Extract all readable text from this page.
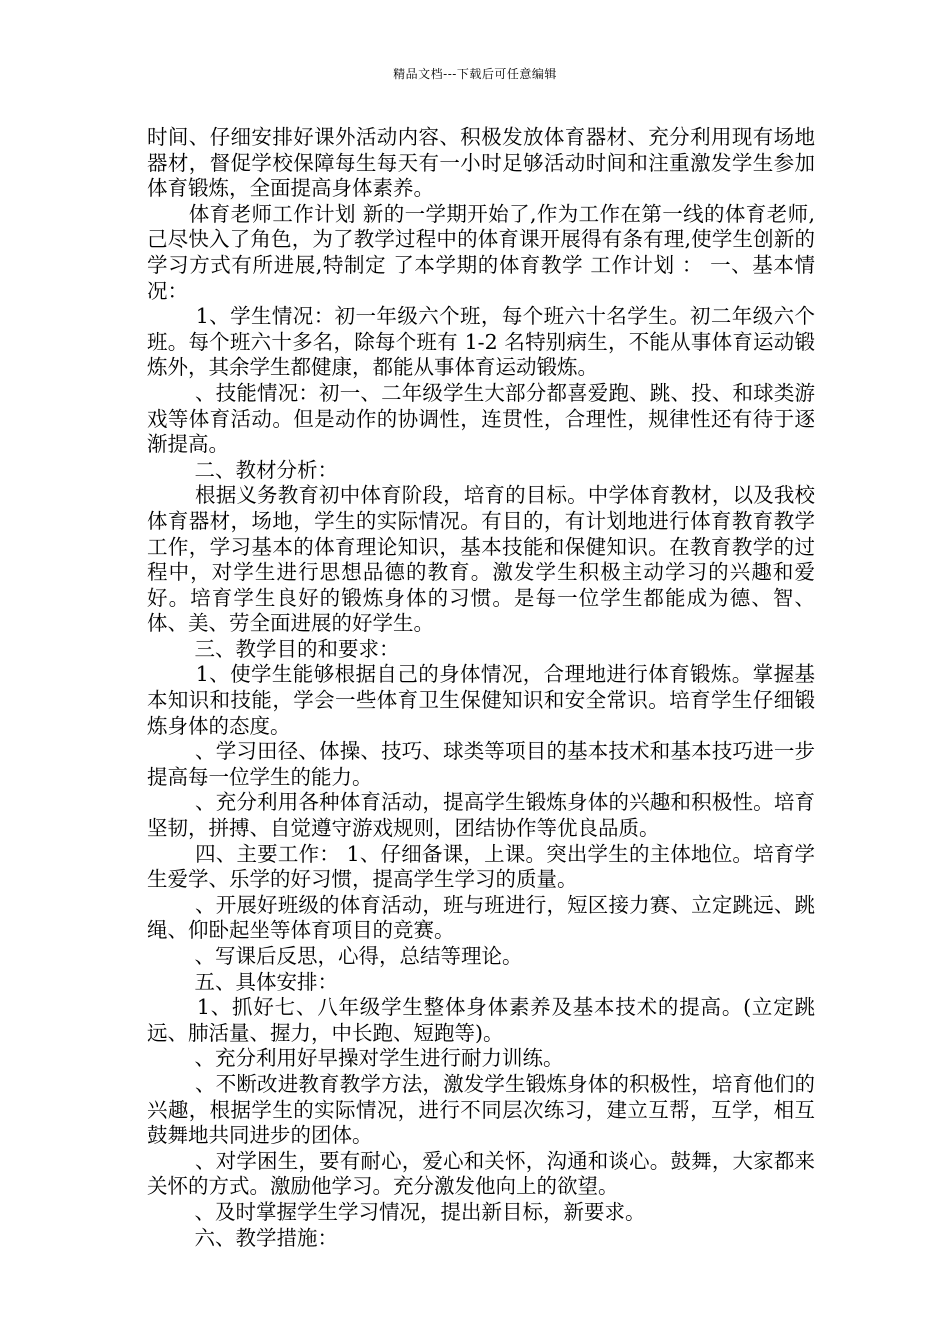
精品文档---下载后可任意编辑

时间、仔细安排好课外活动内容、积极发放体育器材、充分利用现有场地器材，督促学校保障每生每天有一小时足够活动时间和注重激发学生参加体育锻炼，全面提高身体素养。

　　体育老师工作计划 新的一学期开始了,作为工作在第一线的体育老师,己尽快入了角色，为了教学过程中的体育课开展得有条有理,使学生创新的学习方式有所进展,特制定 了本学期的体育教学 工作计划 ： 一、基本情况：

　　 1、学生情况：初一年级六个班，每个班六十名学生。初二年级六个班。每个班六十多名，除每个班有 1-2 名特别病生，不能从事体育运动锻炼外，其余学生都健康，都能从事体育运动锻炼。

　　 、技能情况：初一、二年级学生大部分都喜爱跑、跳、投、和球类游戏等体育活动。但是动作的协调性，连贯性，合理性，规律性还有待于逐渐提高。

　　 二、教材分析：

　　 根据义务教育初中体育阶段，培育的目标。中学体育教材，以及我校体育器材，场地，学生的实际情况。有目的，有计划地进行体育教育教学工作，学习基本的体育理论知识，基本技能和保健知识。在教育教学的过程中，对学生进行思想品德的教育。激发学生积极主动学习的兴趣和爱好。培育学生良好的锻炼身体的习惯。是每一位学生都能成为德、智、体、美、劳全面进展的好学生。

　　 三、教学目的和要求：

　　 1、使学生能够根据自己的身体情况，合理地进行体育锻炼。掌握基本知识和技能，学会一些体育卫生保健知识和安全常识。培育学生仔细锻炼身体的态度。

　　 、学习田径、体操、技巧、球类等项目的基本技术和基本技巧进一步提高每一位学生的能力。

　　 、充分利用各种体育活动，提高学生锻炼身体的兴趣和积极性。培育坚韧，拼搏、自觉遵守游戏规则，团结协作等优良品质。

　　 四、主要工作： 1、仔细备课，上课。突出学生的主体地位。培育学生爱学、乐学的好习惯，提高学生学习的质量。

　　 、开展好班级的体育活动，班与班进行，短区接力赛、立定跳远、跳绳、仰卧起坐等体育项目的竞赛。

　　 、写课后反思，心得，总结等理论。

　　 五、具体安排：

　　 1、抓好七、八年级学生整体身体素养及基本技术的提高。(立定跳远、肺活量、握力，中长跑、短跑等)。

　　 、充分利用好早操对学生进行耐力训练。

　　 、不断改进教育教学方法，激发学生锻炼身体的积极性，培育他们的兴趣，根据学生的实际情况，进行不同层次练习，建立互帮，互学，相互鼓舞地共同进步的团体。

　　 、对学困生，要有耐心，爱心和关怀，沟通和谈心。鼓舞，大家都来关怀的方式。激励他学习。充分激发他向上的欲望。

　　 、及时掌握学生学习情况，提出新目标，新要求。

　　 六、教学措施：
